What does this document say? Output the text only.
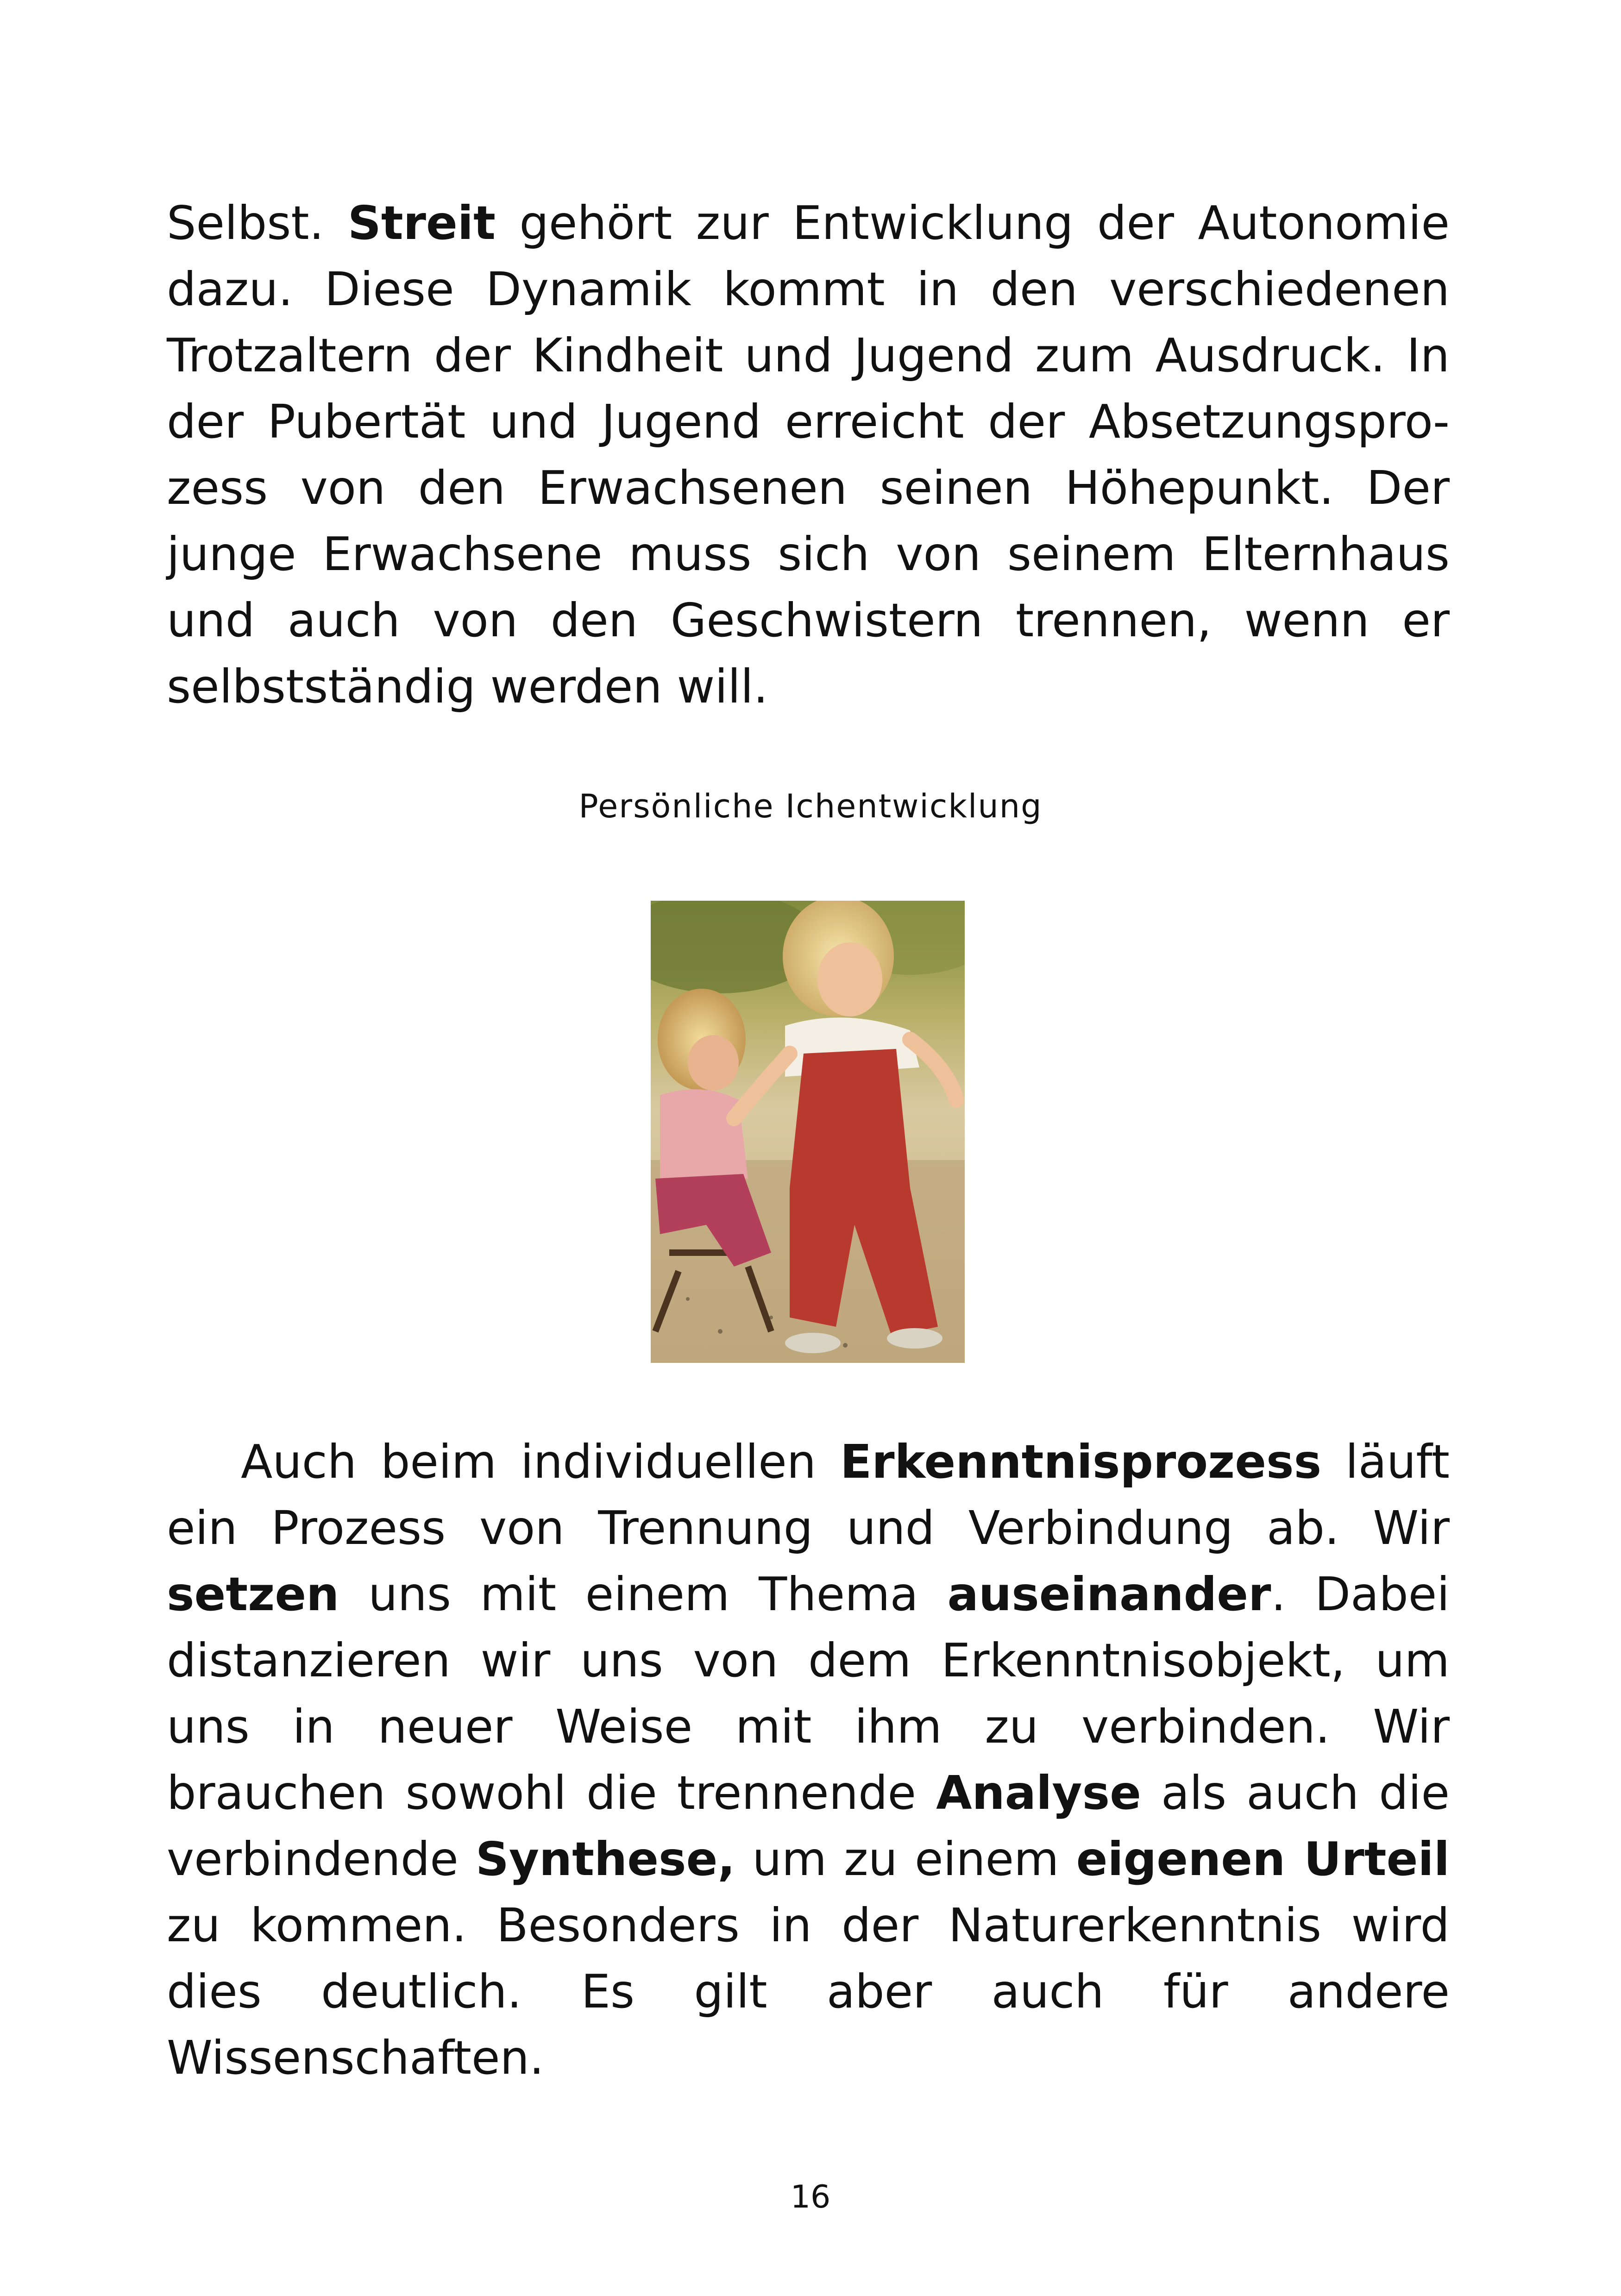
Selbst. Streit gehört zur Entwicklung der Autonomie dazu. Diese Dynamik kommt in den verschiedenen Trotzaltern der Kindheit und Jugend zum Ausdruck. In der Pubertät und Jugend erreicht der Absetzungsprozess von den Erwachsenen seinen Höhepunkt. Der junge Erwachsene muss sich von seinem Elternhaus und auch von den Geschwistern trennen, wenn er selbstständig werden will.

Persönliche Ichentwicklung

Auch beim individuellen Erkenntnisprozess läuft ein Prozess von Trennung und Verbindung ab. Wir setzen uns mit einem Thema auseinander. Dabei distanzieren wir uns von dem Erkenntnisobjekt, um uns in neuer Weise mit ihm zu verbinden. Wir brauchen sowohl die trennende Analyse als auch die verbindende Synthese, um zu einem eigenen Urteil zu kommen. Besonders in der Naturerkenntnis wird dies deutlich. Es gilt aber auch für andere Wissenschaften.

16
